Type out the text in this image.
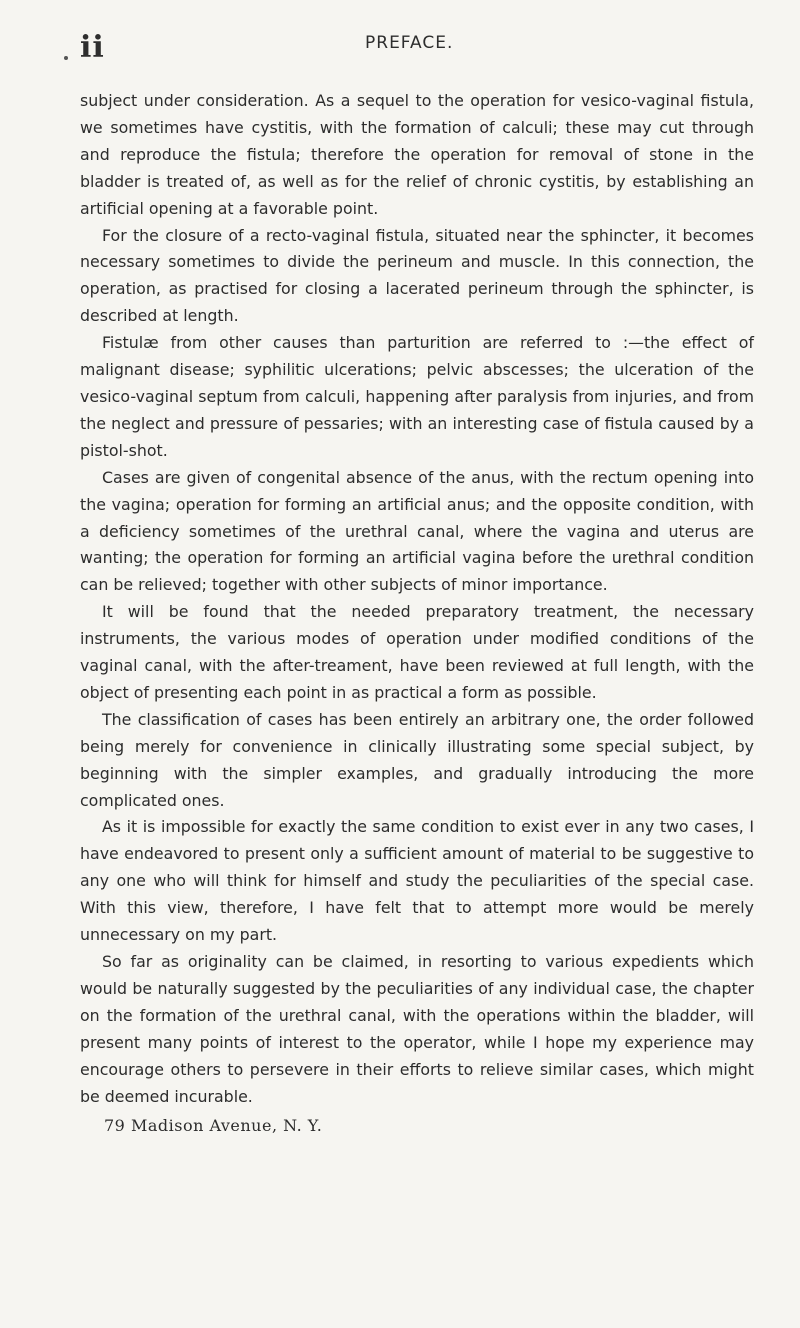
ii	PREFACE.

subject under consideration. As a sequel to the operation for vesico-vaginal fistula, we sometimes have cystitis, with the formation of calculi; these may cut through and reproduce the fistula; therefore the operation for removal of stone in the bladder is treated of, as well as for the relief of chronic cystitis, by establishing an artificial opening at a favorable point.

For the closure of a recto-vaginal fistula, situated near the sphincter, it becomes necessary sometimes to divide the perineum and muscle. In this connection, the operation, as practised for closing a lacerated perineum through the sphincter, is described at length.

Fistulæ from other causes than parturition are referred to :—the effect of malignant disease; syphilitic ulcerations; pelvic abscesses; the ulceration of the vesico-vaginal septum from calculi, happening after paralysis from injuries, and from the neglect and pressure of pessaries; with an interesting case of fistula caused by a pistol-shot.

Cases are given of congenital absence of the anus, with the rectum opening into the vagina; operation for forming an artificial anus; and the opposite condition, with a deficiency sometimes of the urethral canal, where the vagina and uterus are wanting; the operation for forming an artificial vagina before the urethral condition can be relieved; together with other subjects of minor importance.

It will be found that the needed preparatory treatment, the necessary instruments, the various modes of operation under modified conditions of the vaginal canal, with the after-treament, have been reviewed at full length, with the object of presenting each point in as practical a form as possible.

The classification of cases has been entirely an arbitrary one, the order followed being merely for convenience in clinically illustrating some special subject, by beginning with the simpler examples, and gradually introducing the more complicated ones.

As it is impossible for exactly the same condition to exist ever in any two cases, I have endeavored to present only a sufficient amount of material to be suggestive to any one who will think for himself and study the peculiarities of the special case. With this view, therefore, I have felt that to attempt more would be merely unnecessary on my part.

So far as originality can be claimed, in resorting to various expedients which would be naturally suggested by the peculiarities of any individual case, the chapter on the formation of the urethral canal, with the operations within the bladder, will present many points of interest to the operator, while I hope my experience may encourage others to persevere in their efforts to relieve similar cases, which might be deemed incurable.

79 Madison Avenue, N. Y.
